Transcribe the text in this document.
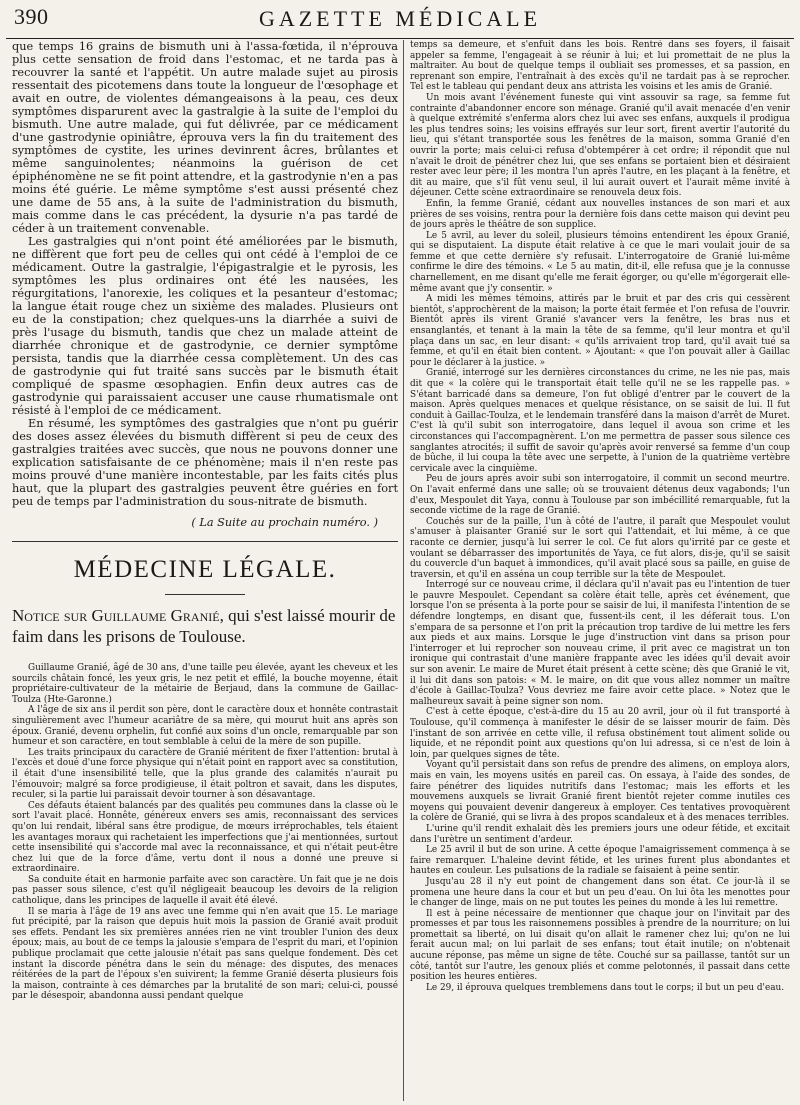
390	GAZETTE MÉDICALE

que temps 16 grains de bismuth uni à l'assa-fœtida, il n'éprouva plus cette sensation de froid dans l'estomac, et ne tarda pas à recouvrer la santé et l'appétit. Un autre malade sujet au pirosis ressentait des picotemens dans toute la longueur de l'œsophage et avait en outre, de violentes démangeaisons à la peau, ces deux symptômes disparurent avec la gastralgie à la suite de l'emploi du bismuth. Une autre malade, qui fut délivrée, par ce médicament d'une gastrodynie opiniâtre, éprouva vers la fin du traitement des symptômes de cystite, les urines devinrent âcres, brûlantes et même sanguinolentes; néanmoins la guérison de cet épiphénomène ne se fit point attendre, et la gastrodynie n'en a pas moins été guérie. Le même symptôme s'est aussi présenté chez une dame de 55 ans, à la suite de l'administration du bismuth, mais comme dans le cas précédent, la dysurie n'a pas tardé de céder à un traitement convenable.

Les gastralgies qui n'ont point été améliorées par le bismuth, ne diffèrent que fort peu de celles qui ont cédé à l'emploi de ce médicament. Outre la gastralgie, l'épigastralgie et le pyrosis, les symptômes les plus ordinaires ont été les nausées, les régurgitations, l'anorexie, les coliques et la pesanteur d'estomac; la langue était rouge chez un sixième des malades. Plusieurs ont eu de la constipation; chez quelques-uns la diarrhée a suivi de près l'usage du bismuth, tandis que chez un malade atteint de diarrhée chronique et de gastrodynie, ce dernier symptôme persista, tandis que la diarrhée cessa complètement. Un des cas de gastrodynie qui fut traité sans succès par le bismuth était compliqué de spasme œsophagien. Enfin deux autres cas de gastrodynie qui paraissaient accuser une cause rhumatismale ont résisté à l'emploi de ce médicament.

En résumé, les symptômes des gastralgies que n'ont pu guérir des doses assez élevées du bismuth diffèrent si peu de ceux des gastralgies traitées avec succès, que nous ne pouvons donner une explication satisfaisante de ce phénomène; mais il n'en reste pas moins prouvé d'une manière incontestable, par les faits cités plus haut, que la plupart des gastralgies peuvent être guéries en fort peu de temps par l'administration du sous-nitrate de bismuth.

( La Suite au prochain numéro. )
MÉDECINE LÉGALE.
Notice sur Guillaume Granié, qui s'est laissé mourir de faim dans les prisons de Toulouse.

Guillaume Granié, âgé de 30 ans, d'une taille peu élevée, ayant les cheveux et les sourcils châtain foncé, les yeux gris, le nez petit et effilé, la bouche moyenne, était propriétaire-cultivateur de la métairie de Berjaud, dans la commune de Gaillac-Toulza (Hte-Garonne.)

A l'âge de six ans il perdit son père, dont le caractère doux et honnête contrastait singulièrement avec l'humeur acariâtre de sa mère, qui mourut huit ans après son époux. Granié, devenu orphelin, fut confié aux soins d'un oncle, remarquable par son humeur et son caractère, en tout semblable à celui de la mère de son pupille.

Les traits principaux du caractère de Granié méritent de fixer l'attention: brutal à l'excès et doué d'une force physique qui n'était point en rapport avec sa constitution, il était d'une insensibilité telle, que la plus grande des calamités n'aurait pu l'émouvoir; malgré sa force prodigieuse, il était poltron et savait, dans les disputes, reculer, si la partie lui paraissait devoir tourner à son désavantage.

Ces défauts étaient balancés par des qualités peu communes dans la classe où le sort l'avait placé. Honnête, généreux envers ses amis, reconnaissant des services qu'on lui rendait, libéral sans être prodigue, de mœurs irréprochables, tels étaient les avantages moraux qui rachetaient les imperfections que j'ai mentionnées, surtout cette insensibilité qui s'accorde mal avec la reconnaissance, et qui n'était peut-être chez lui que de la force d'âme, vertu dont il nous a donné une preuve si extraordinaire.

Sa conduite était en harmonie parfaite avec son caractère. Un fait que je ne dois pas passer sous silence, c'est qu'il négligeait beaucoup les devoirs de la religion catholique, dans les principes de laquelle il avait été élevé.

Il se maria à l'âge de 19 ans avec une femme qui n'en avait que 15. Le mariage fut précipité, par la raison que depuis huit mois la passion de Granié avait produit ses effets. Pendant les six premières années rien ne vint troubler l'union des deux époux; mais, au bout de ce temps la jalousie s'empara de l'esprit du mari, et l'opinion publique proclamait que cette jalousie n'était pas sans quelque fondement. Dès cet instant la discorde pénétra dans le sein du ménage: des disputes, des menaces réitérées de la part de l'époux s'en suivirent; la femme Granié déserta plusieurs fois la maison, contrainte à ces démarches par la brutalité de son mari; celui-ci, poussé par le désespoir, abandonna aussi pendant quelque

temps sa demeure, et s'enfuit dans les bois. Rentré dans ses foyers, il faisait appeler sa femme, l'engageait à se réunir à lui; et lui promettait de ne plus la maltraiter. Au bout de quelque temps il oubliait ses promesses, et sa passion, en reprenant son empire, l'entraînait à des excès qu'il ne tardait pas à se reprocher. Tel est le tableau qui pendant deux ans attrista les voisins et les amis de Granié.

Un mois avant l'événement funeste qui vint assouvir sa rage, sa femme fut contrainte d'abandonner encore son ménage. Granié qu'il avait menacée d'en venir à quelque extrémité s'enferma alors chez lui avec ses enfans, auxquels il prodigua les plus tendres soins; les voisins effrayés sur leur sort, firent avertir l'autorité du lieu, qui s'étant transportée sous les fenêtres de la maison, somma Granié d'en ouvrir la porte; mais celui-ci refusa d'obtempérer à cet ordre; il répondit que nul n'avait le droit de pénétrer chez lui, que ses enfans se portaient bien et désiraient rester avec leur père; il les montra l'un après l'autre, en les plaçant à la fenêtre, et dit au maire, que s'il fût venu seul, il lui aurait ouvert et l'aurait même invité à déjeuner. Cette scène extraordinaire se renouvela deux fois.

Enfin, la femme Granié, cédant aux nouvelles instances de son mari et aux prières de ses voisins, rentra pour la dernière fois dans cette maison qui devint peu de jours après le théâtre de son supplice.

Le 5 avril, au lever du soleil, plusieurs témoins entendirent les époux Granié, qui se disputaient. La dispute était relative à ce que le mari voulait jouir de sa femme et que cette dernière s'y refusait. L'interrogatoire de Granié lui-même confirme le dire des témoins. « Le 5 au matin, dit-il, elle refusa que je la connusse charnellement, en me disant qu'elle me ferait égorger, ou qu'elle m'égorgerait elle-même avant que j'y consentir. »

A midi les mêmes témoins, attirés par le bruit et par des cris qui cessèrent bientôt, s'approchèrent de la maison; la porte était fermée et l'on refusa de l'ouvrir. Bientôt après ils virent Granié s'avancer vers la fenêtre, les bras nus et ensanglantés, et tenant à la main la tête de sa femme, qu'il leur montra et qu'il plaça dans un sac, en leur disant: « qu'ils arrivaient trop tard, qu'il avait tué sa femme, et qu'il en était bien content. » Ajoutant: « que l'on pouvait aller à Gaillac pour le déclarer à la justice. »

Granié, interrogé sur les dernières circonstances du crime, ne les nie pas, mais dit que « la colère qui le transportait était telle qu'il ne se les rappelle pas. » S'étant barricadé dans sa demeure, l'on fut obligé d'entrer par le couvert de la maison. Après quelques menaces et quelque résistance, on se saisit de lui. Il fut conduit à Gaillac-Toulza, et le lendemain transféré dans la maison d'arrêt de Muret. C'est là qu'il subit son interrogatoire, dans lequel il avoua son crime et les circonstances qui l'accompagnèrent. L'on me permettra de passer sous silence ces sanglantes atrocités; il suffit de savoir qu'après avoir renversé sa femme d'un coup de bûche, il lui coupa la tête avec une serpette, à l'union de la quatrième vertèbre cervicale avec la cinquième.

Peu de jours après avoir subi son interrogatoire, il commit un second meurtre. On l'avait enfermé dans une salle; où se trouvaient détenus deux vagabonds; l'un d'eux, Mespoulet dit Yaya, connu à Toulouse par son imbécillité remarquable, fut la seconde victime de la rage de Granié.

Couchés sur de la paille, l'un à côté de l'autre, il paraît que Mespoulet voulut s'amuser à plaisanter Granié sur le sort qui l'attendait, et lui même, à ce que raconte ce dernier, jusqu'à lui serrer le col. Ce fut alors qu'irrité par ce geste et voulant se débarrasser des importunités de Yaya, ce fut alors, dis-je, qu'il se saisit du couvercle d'un baquet à immondices, qu'il avait placé sous sa paille, en guise de traversin, et qu'il en asséna un coup terrible sur la tête de Mespoulet.

Interrogé sur ce nouveau crime, il déclara qu'il n'avait pas eu l'intention de tuer le pauvre Mespoulet. Cependant sa colère était telle, après cet événement, que lorsque l'on se présenta à la porte pour se saisir de lui, il manifesta l'intention de se défendre longtemps, en disant que, fussent-ils cent, il les déferait tous. L'on s'empara de sa personne et l'on prit la précaution trop tardive de lui mettre les fers aux pieds et aux mains. Lorsque le juge d'instruction vint dans sa prison pour l'interroger et lui reprocher son nouveau crime, il prit avec ce magistrat un ton ironique qui contrastait d'une manière frappante avec les idées qu'il devait avoir sur son avenir. Le maire de Muret était présent à cette scène; dès que Granié le vit, il lui dit dans son patois: « M. le maire, on dit que vous allez nommer un maître d'école à Gaillac-Toulza? Vous devriez me faire avoir cette place. » Notez que le malheureux savait à peine signer son nom.

C'est à cette époque, c'est-à-dire du 15 au 20 avril, jour où il fut transporté à Toulouse, qu'il commença à manifester le désir de se laisser mourir de faim. Dès l'instant de son arrivée en cette ville, il refusa obstinément tout aliment solide ou liquide, et ne répondit point aux questions qu'on lui adressa, si ce n'est de loin à loin, par quelques signes de tête.

Voyant qu'il persistait dans son refus de prendre des alimens, on employa alors, mais en vain, les moyens usités en pareil cas. On essaya, à l'aide des sondes, de faire pénétrer des liquides nutritifs dans l'estomac; mais les efforts et les mouvemens auxquels se livrait Granié firent bientôt rejeter comme inutiles ces moyens qui pouvaient devenir dangereux à employer. Ces tentatives provoquèrent la colère de Granié, qui se livra à des propos scandaleux et à des menaces terribles.

L'urine qu'il rendit exhalait dès les premiers jours une odeur fétide, et excitait dans l'urètre un sentiment d'ardeur.

Le 25 avril il but de son urine. A cette époque l'amaigrissement commença à se faire remarquer. L'haleine devint fétide, et les urines furent plus abondantes et hautes en couleur. Les pulsations de la radiale se faisaient à peine sentir.

Jusqu'au 28 il n'y eut point de changement dans son état. Ce jour-là il se promena une heure dans la cour et but un peu d'eau. On lui ôta les menottes pour le changer de linge, mais on ne put toutes les peines du monde à les lui remettre.

Il est à peine nécessaire de mentionner que chaque jour on l'invitait par des promesses et par tous les raisonnemens possibles à prendre de la nourriture; on lui promettait sa liberté, on lui disait qu'on allait le ramener chez lui; qu'on ne lui ferait aucun mal; on lui parlait de ses enfans; tout était inutile; on n'obtenait aucune réponse, pas même un signe de tête. Couché sur sa paillasse, tantôt sur un côté, tantôt sur l'autre, les genoux pliés et comme pelotonnés, il passait dans cette position les heures entières.

Le 29, il éprouva quelques tremblemens dans tout le corps; il but un peu d'eau.
